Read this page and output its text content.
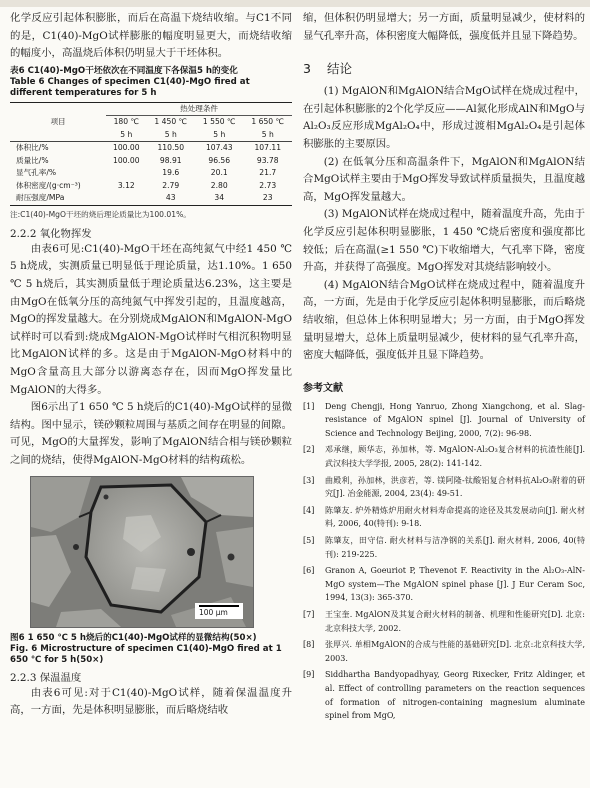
化学反应引起体积膨胀，而后在高温下烧结收缩。与C1不同的是，C1(40)-MgO试样膨胀的幅度明显更大，而烧结收缩的幅度小，高温烧后体积仍明显大于干坯体积。

表6 C1(40)-MgO干坯依次在不同温度下各保温5 h的变化
Table 6 Changes of specimen C1(40)-MgO fired at different temperatures for 5 h
项目	热处理条件			
	180 ℃	1 450 ℃	1 550 ℃	1 650 ℃
	5 h	5 h	5 h	5 h
体积比/%	100.00	110.50	107.43	107.11
质量比/%	100.00	98.91	96.56	93.78
显气孔率/%		19.6	20.1	21.7
体积密度/(g·cm⁻³)	3.12	2.79	2.80	2.73
耐压强度/MPa		43	34	23
注:C1(40)-MgO干坯的烧后理论质量比为100.01%。
2.2.2 氧化物挥发

由表6可见:C1(40)-MgO干坯在高纯氮气中经1 450 ℃ 5 h烧成，实测质量已明显低于理论质量，达1.10%。1 650 ℃ 5 h烧后，其实测质量低于理论质量达6.23%，这主要是由MgO在低氧分压的高纯氮气中挥发引起的，且温度越高，MgO的挥发量越大。在分别烧成MgAlON和MgAlON-MgO试样时可以看到:烧成MgAlON-MgO试样时气相沉积物明显比MgAlON试样的多。这是由于MgAlON-MgO材料中的MgO含量高且大部分以游离态存在，因而MgO挥发量比MgAlON的大得多。

图6示出了1 650 ℃ 5 h烧后的C1(40)-MgO试样的显微结构。图中显示，镁砂颗粒周围与基质之间存在明显的间隙。可见，MgO的大量挥发，影响了MgAlON结合相与镁砂颗粒之间的烧结，使得MgAlON-MgO材料的结构疏松。

100 μm
图6 1 650 ℃ 5 h烧后的C1(40)-MgO试样的显微结构(50×)
Fig. 6 Microstructure of specimen C1(40)-MgO fired at 1 650 ℃ for 5 h(50×)
2.2.3 保温温度

由表6可见:对于C1(40)-MgO试样，随着保温温度升高，一方面，先是体积明显膨胀，而后略烧结收

缩，但体积仍明显增大；另一方面，质量明显减少，使材料的显气孔率升高，体积密度大幅降低，强度低并且显下降趋势。

3 结论

(1) MgAlON和MgAlON结合MgO试样在烧成过程中，在引起体积膨胀的2个化学反应——Al氮化形成AlN和MgO与Al₂O₃反应形成MgAl₂O₄中，形成过渡相MgAl₂O₄是引起体积膨胀的主要原因。

(2) 在低氧分压和高温条件下，MgAlON和MgAlON结合MgO试样主要由于MgO挥发导致试样质量损失，且温度越高，MgO挥发量越大。

(3) MgAlON试样在烧成过程中，随着温度升高，先由于化学反应引起体积明显膨胀，1 450 ℃烧后密度和强度都比较低；后在高温(≥1 550 ℃)下收缩增大，气孔率下降，密度升高，并获得了高强度。MgO挥发对其烧结影响较小。

(4) MgAlON结合MgO试样在烧成过程中，随着温度升高，一方面，先是由于化学反应引起体积明显膨胀，而后略烧结收缩，但总体上体积明显增大；另一方面，由于MgO挥发量明显增大，总体上质量明显减少，使材料的显气孔率升高，密度大幅降低，强度低并且显下降趋势。

参考文献
[1]	Deng Chengji, Hong Yanruo, Zhong Xiangchong, et al. Slag-resistance of MgAlON spinel [J]. Journal of University of Science and Technology Beijing, 2000, 7(2): 96-98.
[2]	邓承继，顾华志，孙加林，等. MgAlON-Al₂O₃复合材料的抗渣性能[J]. 武汉科技大学学报, 2005, 28(2): 141-142.
[3]	曲殿利，孙加林，洪彦若，等. 镁阿隆-钛酸铝复合材料抗Al₂O₃附着的研究[J]. 冶金能源, 2004, 23(4): 49-51.
[4]	陈肇友. 炉外精炼炉用耐火材料寿命提高的途径及其发展动向[J]. 耐火材料, 2006, 40(特刊): 9-18.
[5]	陈肇友，田守信. 耐火材料与洁净钢的关系[J]. 耐火材料, 2006, 40(特刊): 219-225.
[6]	Granon A, Goeuriot P, Thevenot F. Reactivity in the Al₂O₃-AlN-MgO system—The MgAlON spinel phase [J]. J Eur Ceram Soc, 1994, 13(3): 365-370.
[7]	王宝奎. MgAlON及其复合耐火材料的制备、机理和性能研究[D]. 北京:北京科技大学, 2002.
[8]	张厚兴. 单相MgAlON的合成与性能的基础研究[D]. 北京:北京科技大学, 2003.
[9]	Siddhartha Bandyopadhyay, Georg Rixecker, Fritz Aldinger, et al. Effect of controlling parameters on the reaction sequences of formation of nitrogen-containing magnesium aluminate spinel from MgO,
